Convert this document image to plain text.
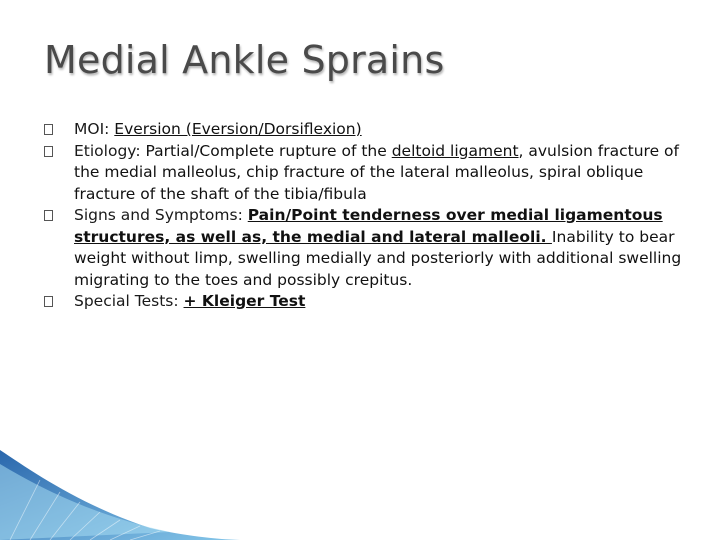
Medial Ankle Sprains
MOI: Eversion (Eversion/Dorsiflexion)
Etiology: Partial/Complete rupture of the deltoid ligament, avulsion fracture of the medial malleolus, chip fracture of the lateral malleolus, spiral oblique fracture of the shaft of the tibia/fibula
Signs and Symptoms: Pain/Point tenderness over medial ligamentous structures, as well as, the medial and lateral malleoli. Inability to bear weight without limp, swelling medially and posteriorly with additional swelling migrating to the toes and possibly crepitus.
Special Tests: + Kleiger Test
